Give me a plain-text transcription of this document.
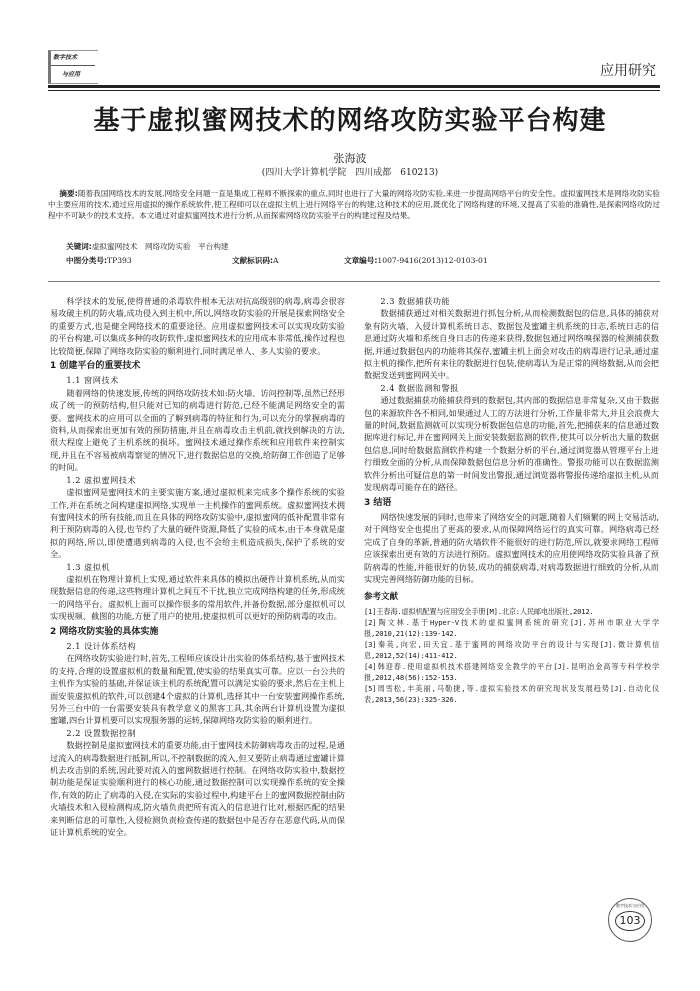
数字技术
与应用	应用研究
基于虚拟蜜网技术的网络攻防实验平台构建
张海波
(四川大学计算机学院　四川成都　610213)
摘要:随着我国网络技术的发展,网络安全问题一直是集成工程师不断探索的重点,同时也进行了大量的网络攻防实验,来进一步提高网络平台的安全性。虚拟蜜网技术是网络攻防实验中主要应用的技术,通过应用虚拟的操作系统软件,使工程师可以在虚拟主机上进行网络平台的构建,这种技术的应用,既优化了网络构建的环境,又提高了实验的准确性,是探索网络攻防过程中不可缺少的技术支持。本文通过对虚拟蜜网技术进行分析,从而探索网络攻防实验平台的构建过程及结果。
关键词:虚拟蜜网技术　网络攻防实验　平台构建
中图分类号:TP393	文献标识码:A	文章编号:1007-9416(2013)12-0103-01

科学技术的发展,使得普通的杀毒软件根本无法对抗高级别的病毒,病毒会很容易攻破主机的防火墙,成功侵入到主机中,所以,网络攻防实验的开展是探索网络安全的重要方式,也是健全网络技术的重要途径。应用虚拟蜜网技术可以实现攻防实验的平台构建,可以集成多种的攻防软件,虚拟蜜网技术的应用成本非常低,操作过程也比较简便,保障了网络攻防实验的顺利进行,同时满足单人、多人实验的要求。

1 创建平台的重要技术

1.1 窗网技术

随着网络的快速发展,传统的网络攻防技术如:防火墙、访问控制等,虽然已经形成了统一的预防结构,但只能对已知的病毒进行防范,已经不能满足网络安全的需要。蜜网技术的应用可以全面的了解到病毒的特征和行为,可以充分的掌握病毒的资料,从而探索出更加有效的预防措施,并且在病毒攻击主机前,就找到解决的方法,很大程度上避免了主机系统的损坏。蜜网技术通过操作系统和应用软件来控制实现,并且在不容易被病毒察觉的情况下,进行数据信息的交换,给防御工作创造了足够的时间。

1.2 虚拟蜜网技术

虚拟蜜网是蜜网技术的主要实施方案,通过虚拟机来完成多个操作系统的实验工作,并在系统之间构建虚拟网络,实现单一主机操作的蜜网系统。虚拟蜜网技术拥有蜜网技术的所有技能,而且在具体的网络攻防实验中,虚拟蜜网的低补配置非常有利于预防病毒的入侵,也节约了大量的硬件资源,降低了实验的成本,由于本身就是虚拟的网络,所以,即使遭遇到病毒的入侵,也不会给主机造成损失,保护了系统的安全。

1.3 虚拟机

虚拟机在物理计算机上实现,通过软件来具体的模拟出硬件计算机系统,从而实现数据信息的传递,这些物理计算机之间互不干扰,独立完成网络构建的任务,形成统一的网络平台。虚拟机上面可以操作很多的常用软件,并备份数据,部分虚拟机可以实现视频、截图的功能,方便了用户的使用,使虚拟机可以更好的预防病毒的攻击。

2 网络攻防实验的具体实施

2.1 设计体系结构

在网络攻防实验进行时,首先,工程师应该设计出实验的体系结构,基于蜜网技术的支持,合理的设置虚拟机的数量和配置,使实验的结果真实可靠。应以一台公共的主机作为实验的基础,并保证该主机的系统配置可以满足实验的要求,然后在主机上面安装虚拟机的软件,可以创建4个虚拟的计算机,选择其中一台安装蜜网操作系统,另外三台中的一台需要安装具有教学意义的黑客工具,其余两台计算机设置为虚拟蜜罐,四台计算机要可以实现服务器的运转,保障网络攻防实验的顺利进行。

2.2 设置数据控制

数据控制是虚拟蜜网技术的重要功能,由于蜜网技术防御病毒攻击的过程,是通过流入的病毒数据进行抵制,所以,不控制数据的流入,但又要防止病毒通过蜜罐计算机去攻击别的系统,因此要对流入的蜜网数据进行控制。在网络攻防实验中,数据控制功能是保证实验顺利进行的核心功能,通过数据控制可以实现操作系统的安全操作,有效的防止了病毒的入侵,在实际的实验过程中,构建平台上的蜜网数据控制由防火墙技术和入侵检测构成,防火墙负责把所有流入的信息进行比对,根据匹配的结果来判断信息的可靠性,入侵检测负责检查传递的数据包中是否存在恶意代码,从而保证计算机系统的安全。

2.3 数据捕获功能

数据捕获通过对相关数据进行抓包分析,从而检测数据包的信息,具体的捕获对象有防火墙、入侵计算机系统日志、数据包及蜜罐主机系统的日志,系统日志的信息通过防火墙和系统自身日志的传递来获得,数据包通过网络嗅探器的检测捕获数据,并通过数据包内的功能将其保存,蜜罐主机上面会对攻击的病毒进行记录,通过虚拟主机的操作,把所有来往的数据进行包装,使病毒认为是正常的网络数据,从而会把数据发送到蜜网网关中。

2.4 数据监测和警报

通过数据捕获功能捕获得到的数据包,其内部的数据信息非常复杂,又由于数据包的来源软件各不相同,如果通过人工的方法进行分析,工作量非常大,并且会浪费大量的时间,数据监测就可以实现分析数据包信息的功能,首先,把捕获来的信息通过数据库进行标记,并在蜜网网关上面安装数据监测的软件,使其可以分析出大量的数据包信息,同时给数据监测软件构建一个数据分析的平台,通过浏览器从管理平台上进行细致全面的分析,从而保障数据包信息分析的准确性。警报功能可以在数据监测软件分析出可疑信息的第一时间发出警报,通过浏览器将警报传递给虚拟主机,从而发现病毒可能存在的路径。

3 结语

网络快速发展的同时,也带来了网络安全的问题,随着人们频繁的网上交易活动,对于网络安全也提出了更高的要求,从而保障网络运行的真实可靠。网络病毒已经完成了自身的革新,普通的防火墙软件不能很好的进行防范,所以,就要求网络工程师应该探索出更有效的方法进行预防。虚拟蜜网技术的应用使网络攻防实验具备了预防病毒的性能,并能很好的仿装,成功的捕获病毒,对病毒数据进行细致的分析,从而实现完善网络防御功能的目标。

参考文献

[1]王春海.虚拟机配置与应用安全手册[M].北京:人民邮电出版社,2012.

[2]陶文林.基于Hyper-V技术的虚拟蜜网系统的研究[J].苏州市职业大学学报,2010,21(12):139-142.

[3]秦英,向宏,田天宜.基于蜜网的网络攻防平台的设计与实现[J].微计算机信息,2012,52(14):411-412.

[4]韩迎春.使用虚拟机技术搭建网络安全教学的平台[J].昆明冶金高等专科学校学报,2012,48(56):152-153.

[5]周雪松,丰美丽,马勒捷,等.虚拟实验技术的研究现状及发展趋势[J].自动化仪表,2013,56(23):325-326.

数字技术与应用
103
